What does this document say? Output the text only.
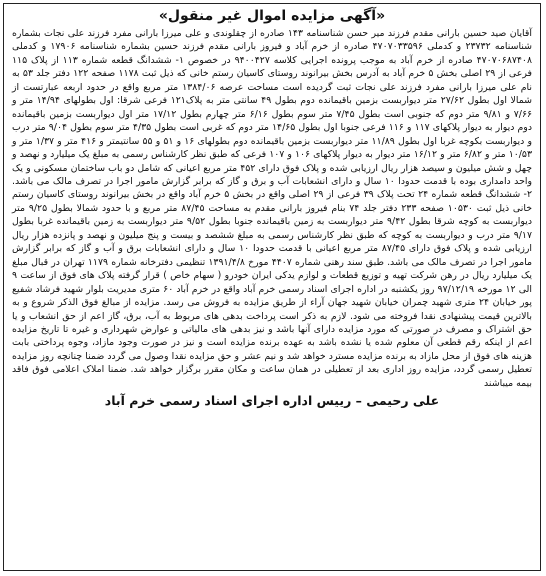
«آگهی مزایده اموال غیر منقول»

آقایان صید حسین بارانی مقدم فرزند میر حسن شناسنامه ۱۴۳ صادره از چقلوندی و علی میرزا بارانی مفرد فرزند علی نجات بشماره شناسنامه ۲۳۷۳۲ و کدملی ۴۷۰۷۰۳۳۵۹۶ صادره از خرم آباد و فیروز بارانی مقدم فرزند حسین بشماره شناسنامه ۱۷۹۰۶ و کدملی ۴۷۰۷۰۶۸۷۴۰۸ صادره از خرم آباد به موجب پرونده اجرایی کلاسه ۹۴۰۰۴۲۷ در خصوص ۱- ششدانگ قطعه شماره ۱۱۳ از پلاک ۱۱۵ فرعی از ۲۹ اصلی بخش ۵ خرم آباد به آدرس بخش بیرانوند روستای کاسیان رستم خانی که ذیل ثبت ۱۱۷۸ صفحه ۱۲۲ دفتر جلد ۵۳ به نام علی میرزا بارانی مفرد فرزند علی نجات ثبت گردیده است مساحت عرصه ۱۳۸۴/۰۶ متر مربع واقع در حدود اربعه عبارتست از شمالا اول بطول ۲۷/۶۲ متر دیواربست بزمین باقیمانده دوم بطول ۴۹ سانتی متر به پلاک۱۲۱ فرعی شرقا: اول بطولهای ۱۴/۹۴ متر و ۷/۶۶ و ۹/۸۱ متر دوم که جنوبی است بطول ۷/۴۵ متر سوم بطول ۶/۱۶ متر چهارم بطول ۱۷/۱۲ متر اول دیواربست بزمین باقیمانده دوم دیوار به دیوار پلاکهای ۱۱۷ و ۱۱۶ فرعی جنوبا اول بطول ۱۴/۶۵ متر دوم که غربی است بطول ۴/۳۵ متر سوم بطول ۹/۰۴ متر درب و دیواربست بکوچه غربا اول بطول ۱۱/۸۹ متر دیواربست بزمین باقیمانده دوم بطولهای ۱۶ و ۵۱ و ۵۵ سانتیمتر و ۴۱۶ متر و ۱/۳۷ متر و ۱۰/۵۳ متر و ۶/۸۲ متر و ۱۶/۱۲ متر دیوار به دیوار پلاکهای ۱۰۶ و ۱۰۷ فرعی که طبق نظر کارشناس رسمی به مبلغ یک میلیارد و نهصد و چهل و شش میلیون و سیصد هزار ریال ارزیابی شده و پلاک فوق دارای ۴۵۲ متر مربع اعیانی که شامل دو باب ساختمان مسکونی و یک واحد دامداری بوده با قدمت حدودا ۱۰ سال و دارای انشعابات آب و برق و گاز که برابر گزارش مامور اجرا در تصرف مالک می باشد. ۲- ششدانگ قطعه شماره ۲۴ تحت پلاک ۳۹ فرعی از ۲۹ اصلی واقع در بخش ۵ خرم آباد واقع در بخش بیرانوند روستای کاسیان رستم خانی ذیل ثبت ۱۰۵۳۰ صفحه ۲۳۳ دفتر جلد ۷۴ بنام فیروز بارانی مقدم به مساحت ۸۷/۴۵ متر مربع و با حدود شمالا بطول ۹/۲۵ متر دیواربست به کوچه شرقا بطول ۹/۴۲ متر دیواربست به زمین باقیمانده جنوبا بطول ۹/۵۲ متر دیواربست به زمین باقیمانده غربا بطول ۹/۱۷ متر درب و دیواربست به کوچه که طبق نظر کارشناس رسمی به مبلغ ششصد و بیست و پنج میلیون و نهصد و پانزده هزار ریال ارزیابی شده و پلاک فوق دارای ۸۷/۴۵ متر مربع اعیانی با قدمت حدودا ۱۰ سال و دارای انشعابات برق و آب و گاز که برابر گزارش مامور اجرا در تصرف مالک می باشد. طبق سند رهنی شماره ۴۴۰۷ مورخ ۱۳۹۱/۴/۸ تنظیمی دفترخانه شماره ۱۱۷۹ تهران در قبال مبلغ یک میلیارد ریال در رهن شرکت تهیه و توزیع قطعات و لوازم یدکی ایران خودرو ( سهام خاص ) قرار گرفته پلاک های فوق از ساعت ۹ الی ۱۲ مورخه ۹۷/۱۲/۱۹ روز یکشنبه در اداره اجرای اسناد رسمی خرم آباد واقع در خرم آباد ۶۰ متری مدیریت بلوار شهید فرشاد شفیع پور خیابان ۲۴ متری شهید چمران خیابان شهید جهان آراء از طریق مزایده به فروش می رسد. مزایده از مبالغ فوق الذکر شروع و به بالاترین قیمت پیشنهادی نقدا فروخته می شود. لازم به ذکر است پرداخت بدهی های مربوط به آب، برق، گاز اعم از حق انشعاب و یا حق اشتراک و مصرف در صورتی که مورد مزایده دارای آنها باشد و نیز بدهی های مالیاتی و عوارض شهرداری و غیره تا تاریخ مزایده اعم از اینکه رقم قطعی آن معلوم شده یا نشده باشد به عهده برنده مزایده است و نیز در صورت وجود مازاد، وجوه پرداختی بابت هزینه های فوق از محل مازاد به برنده مزایده مسترد خواهد شد و نیم عشر و حق مزایده نقدا وصول می گردد ضمنا چنانچه روز مزایده تعطیل رسمی گردد، مزایده روز اداری بعد از تعطیلی در همان ساعت و مکان مقرر برگزار خواهد شد. ضمنا املاک اعلامی فوق فاقد بیمه میباشند

علی رحیمی – رییس اداره اجرای اسناد رسمی خرم آباد
